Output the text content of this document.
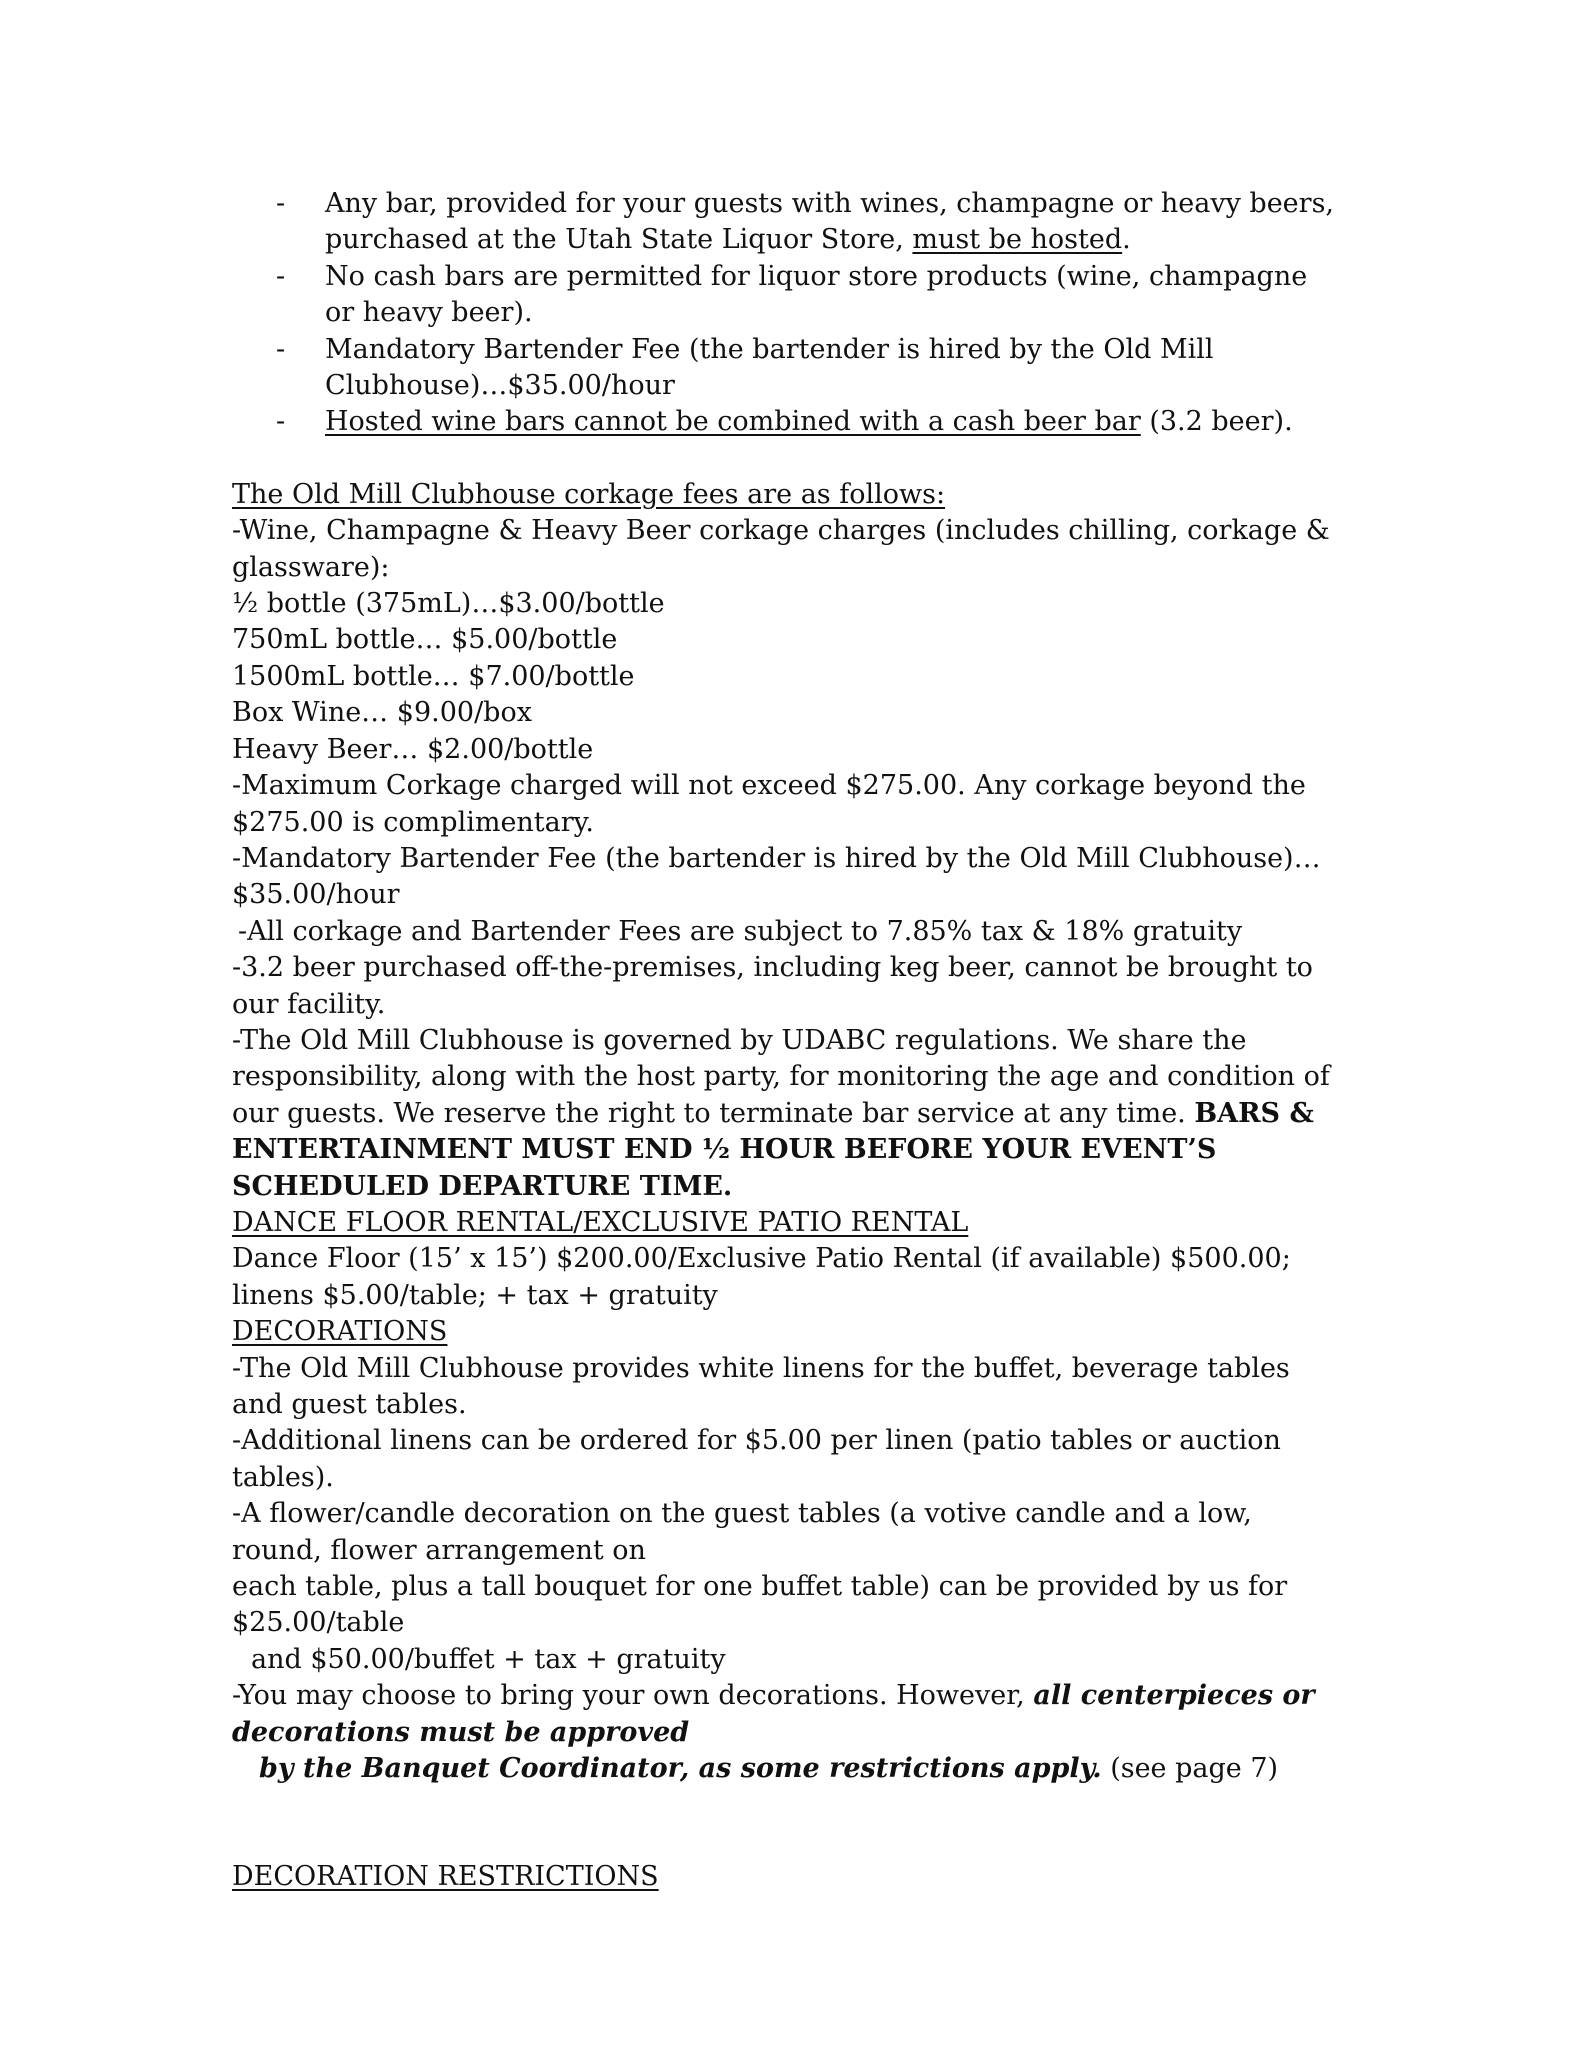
- Any bar, provided for your guests with wines, champagne or heavy beers, purchased at the Utah State Liquor Store, must be hosted.
- No cash bars are permitted for liquor store products (wine, champagne or heavy beer).
- Mandatory Bartender Fee (the bartender is hired by the Old Mill Clubhouse)…$35.00/hour
- Hosted wine bars cannot be combined with a cash beer bar (3.2 beer).

The Old Mill Clubhouse corkage fees are as follows:

-Wine, Champagne & Heavy Beer corkage charges (includes chilling, corkage & glassware):

½ bottle (375mL)…$3.00/bottle

750mL bottle… $5.00/bottle

1500mL bottle… $7.00/bottle

Box Wine… $9.00/box

Heavy Beer… $2.00/bottle

-Maximum Corkage charged will not exceed $275.00. Any corkage beyond the $275.00 is complimentary.

-Mandatory Bartender Fee (the bartender is hired by the Old Mill Clubhouse)…$35.00/hour

-All corkage and Bartender Fees are subject to 7.85% tax & 18% gratuity

-3.2 beer purchased off-the-premises, including keg beer, cannot be brought to our facility.

-The Old Mill Clubhouse is governed by UDABC regulations. We share the responsibility, along with the host party, for monitoring the age and condition of our guests. We reserve the right to terminate bar service at any time. BARS & ENTERTAINMENT MUST END ½ HOUR BEFORE YOUR EVENT’S SCHEDULED DEPARTURE TIME.

DANCE FLOOR RENTAL/EXCLUSIVE PATIO RENTAL

Dance Floor (15’ x 15’) $200.00/Exclusive Patio Rental (if available) $500.00; linens $5.00/table; + tax + gratuity

DECORATIONS

-The Old Mill Clubhouse provides white linens for the buffet, beverage tables and guest tables.

-Additional linens can be ordered for $5.00 per linen (patio tables or auction tables).

-A flower/candle decoration on the guest tables (a votive candle and a low, round, flower arrangement on

each table, plus a tall bouquet for one buffet table) can be provided by us for $25.00/table

and $50.00/buffet + tax + gratuity

-You may choose to bring your own decorations. However, all centerpieces or decorations must be approved

by the Banquet Coordinator, as some restrictions apply. (see page 7)

DECORATION RESTRICTIONS
